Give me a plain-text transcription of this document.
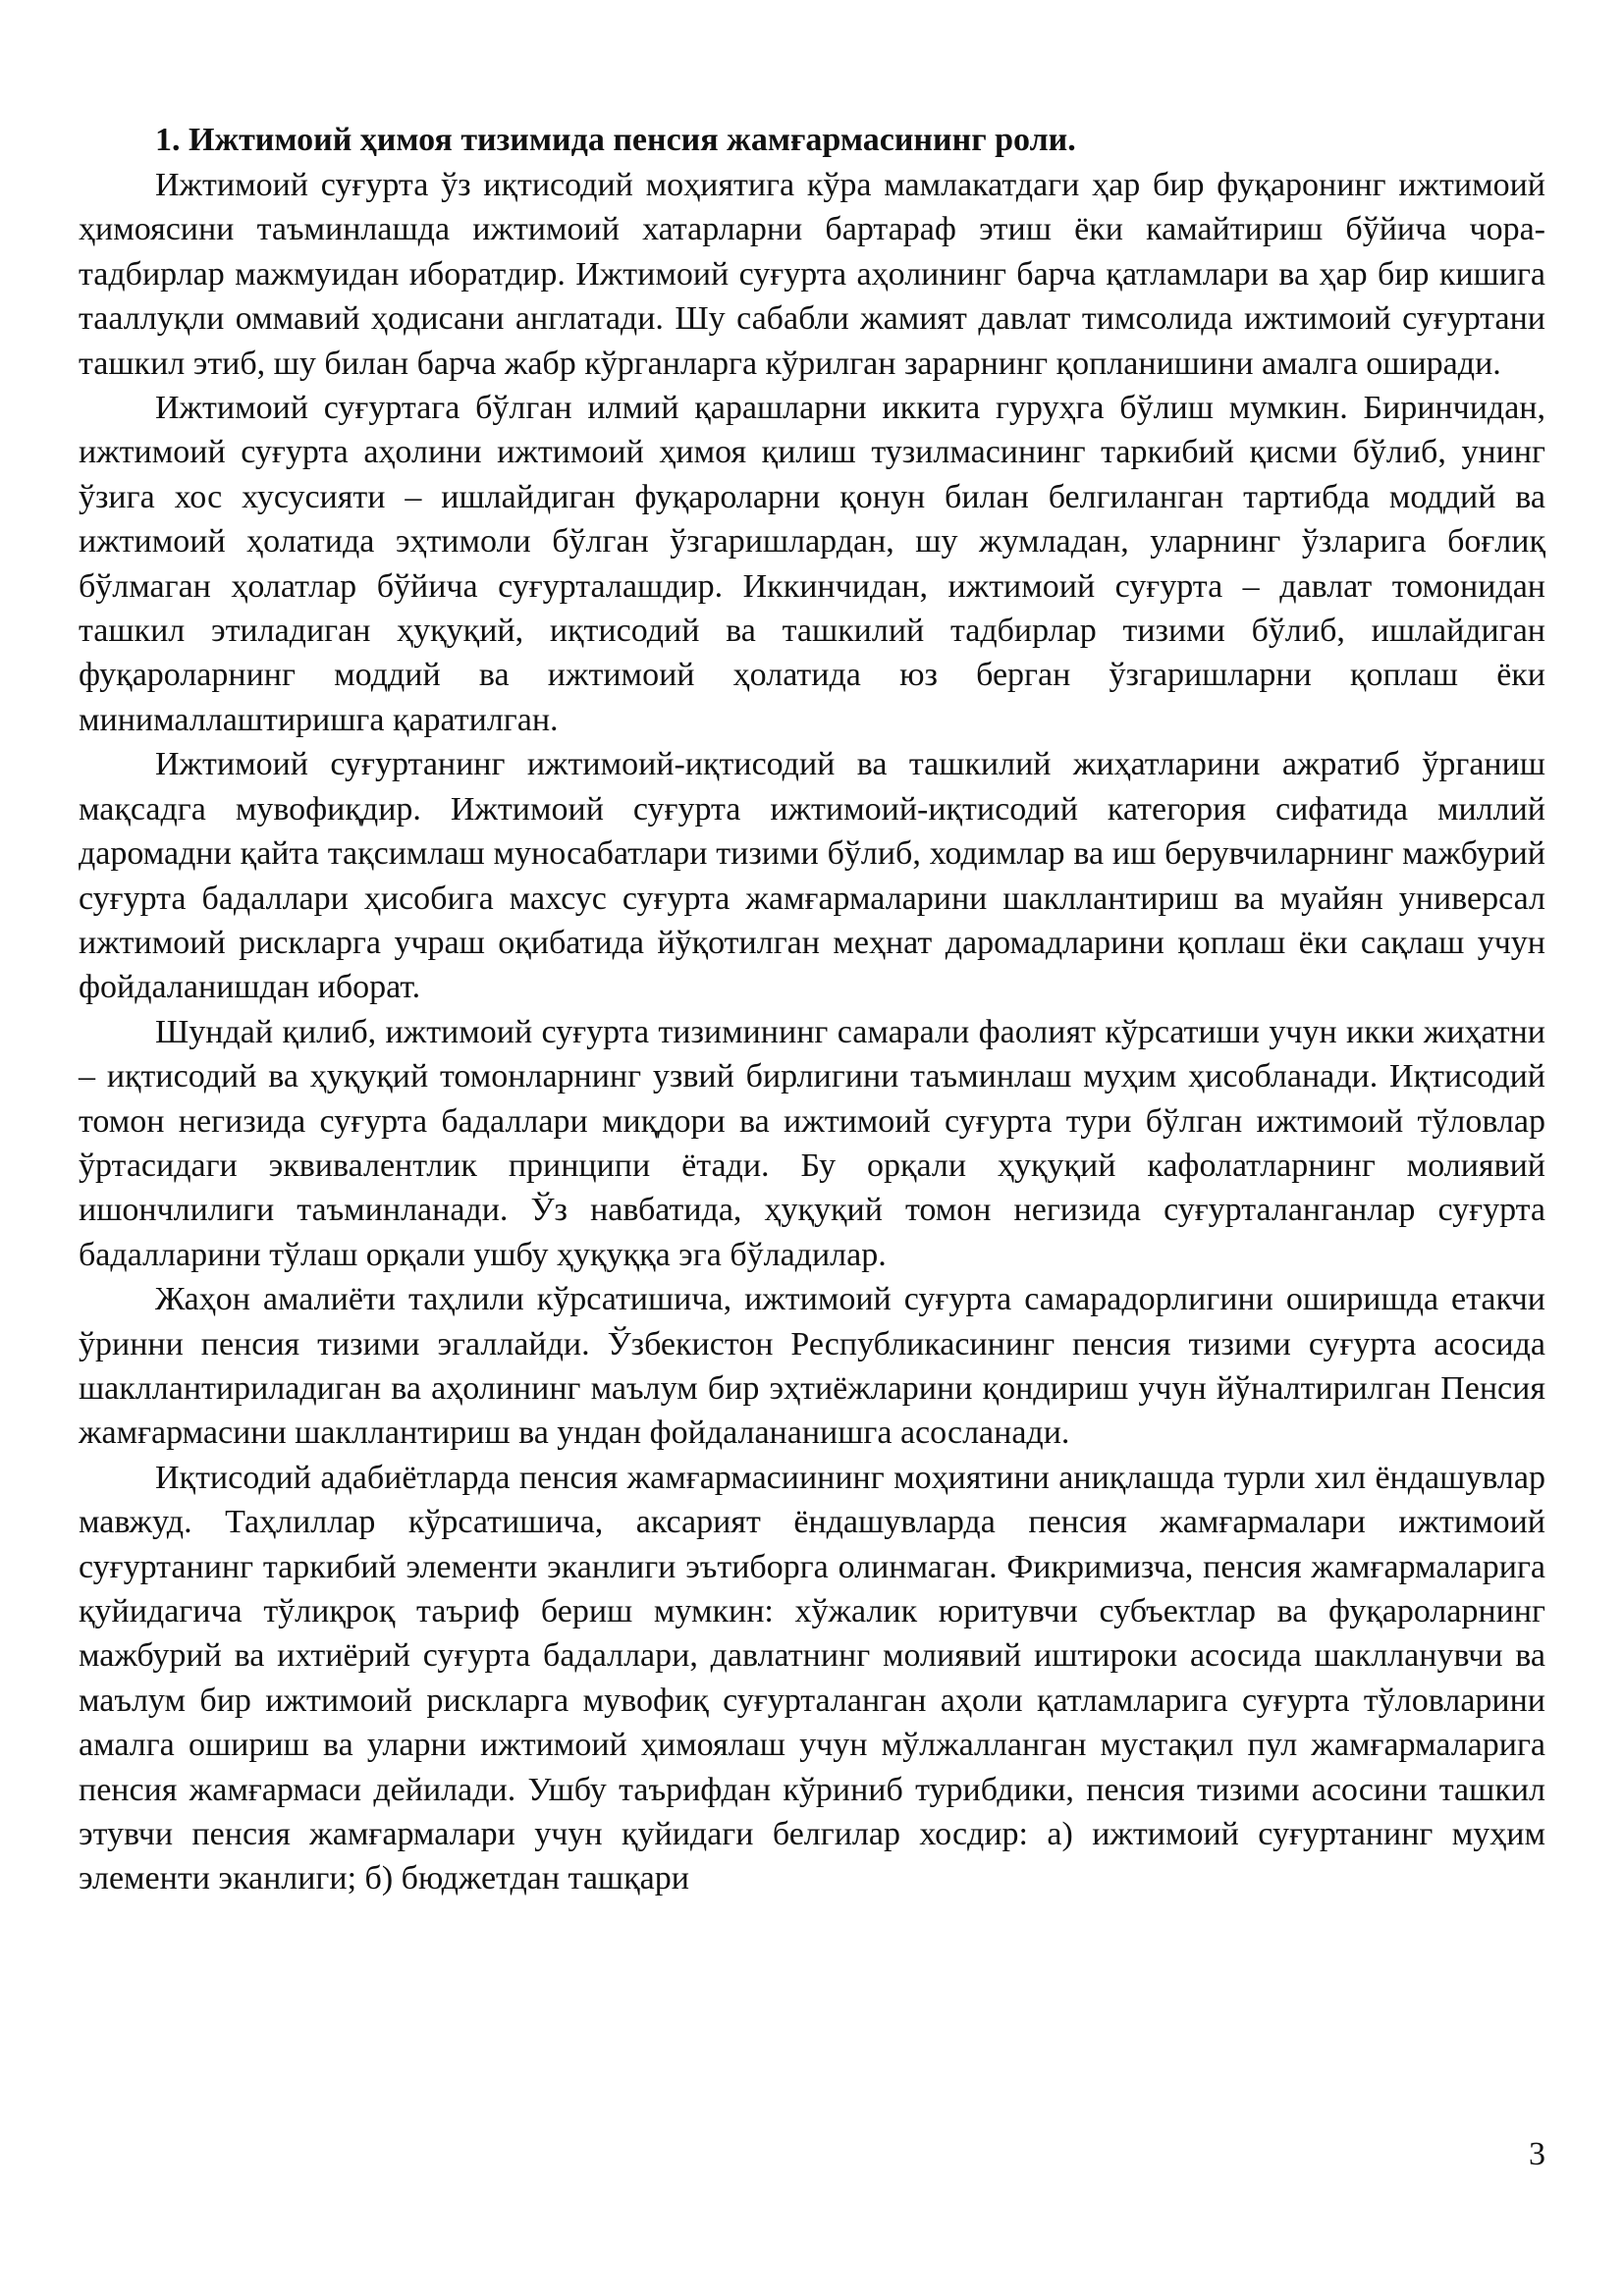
1. Ижтимоий ҳимоя тизимида пенсия жамғармасининг роли.

Ижтимоий суғурта ўз иқтисодий моҳиятига кўра мамлакатдаги ҳар бир фуқаронинг ижтимоий ҳимоясини таъминлашда ижтимоий хатарларни бартараф этиш ёки камайтириш бўйича чора-тадбирлар мажмуидан иборатдир. Ижтимоий суғурта аҳолининг барча қатламлари ва ҳар бир кишига тааллуқли оммавий ҳодисани англатади. Шу сабабли жамият давлат тимсолида ижтимоий суғуртани ташкил этиб, шу билан барча жабр кўрганларга кўрилган зарарнинг қопланишини амалга оширади.

Ижтимоий суғуртага бўлган илмий қарашларни иккита гуруҳга бўлиш мумкин. Биринчидан, ижтимоий суғурта аҳолини ижтимоий ҳимоя қилиш тузилмасининг таркибий қисми бўлиб, унинг ўзига хос хусусияти – ишлайдиган фуқароларни қонун билан белгиланган тартибда моддий ва ижтимоий ҳолатида эҳтимоли бўлган ўзгаришлардан, шу жумладан, уларнинг ўзларига боғлиқ бўлмаган ҳолатлар бўйича суғурталашдир. Иккинчидан, ижтимоий суғурта – давлат томонидан ташкил этиладиган ҳуқуқий, иқтисодий ва ташкилий тадбирлар тизими бўлиб, ишлайдиган фуқароларнинг моддий ва ижтимоий ҳолатида юз берган ўзгаришларни қоплаш ёки минималлаштиришга қаратилган.

Ижтимоий суғуртанинг ижтимоий-иқтисодий ва ташкилий жиҳатларини ажратиб ўрганиш мақсадга мувофиқдир. Ижтимоий суғурта ижтимоий-иқтисодий категория сифатида миллий даромадни қайта тақсимлаш муносабатлари тизими бўлиб, ходимлар ва иш берувчиларнинг мажбурий суғурта бадаллари ҳисобига махсус суғурта жамғармаларини шакллантириш ва муайян универсал ижтимоий рискларга учраш оқибатида йўқотилган меҳнат даромадларини қоплаш ёки сақлаш учун фойдаланишдан иборат.

Шундай қилиб, ижтимоий суғурта тизимининг самарали фаолият кўрсатиши учун икки жиҳатни – иқтисодий ва ҳуқуқий томонларнинг узвий бирлигини таъминлаш муҳим ҳисобланади. Иқтисодий томон негизида суғурта бадаллари миқдори ва ижтимоий суғурта тури бўлган ижтимоий тўловлар ўртасидаги эквивалентлик принципи ётади. Бу орқали ҳуқуқий кафолатларнинг молиявий ишончлилиги таъминланади. Ўз навбатида, ҳуқуқий томон негизида суғурталанганлар суғурта бадалларини тўлаш орқали ушбу ҳуқуққа эга бўладилар.

Жаҳон амалиёти таҳлили кўрсатишича, ижтимоий суғурта самарадорлигини оширишда етакчи ўринни пенсия тизими эгаллайди. Ўзбекистон Республикасининг пенсия тизими суғурта асосида шакллантириладиган ва аҳолининг маълум бир эҳтиёжларини қондириш учун йўналтирилган Пенсия жамғармасини шакллантириш ва ундан фойдалананишга асосланади.

Иқтисодий адабиётларда пенсия жамғармасиининг моҳиятини аниқлашда турли хил ёндашувлар мавжуд. Таҳлиллар кўрсатишича, аксарият ёндашувларда пенсия жамғармалари ижтимоий суғуртанинг таркибий элементи эканлиги эътиборга олинмаган. Фикримизча, пенсия жамғармаларига қуйидагича тўлиқроқ таъриф бериш мумкин: хўжалик юритувчи субъектлар ва фуқароларнинг мажбурий ва ихтиёрий суғурта бадаллари, давлатнинг молиявий иштироки асосида шаклланувчи ва маълум бир ижтимоий рискларга мувофиқ суғурталанган аҳоли қатламларига суғурта тўловларини амалга ошириш ва уларни ижтимоий ҳимоялаш учун мўлжалланган мустақил пул жамғармаларига пенсия жамғармаси дейилади. Ушбу таърифдан кўриниб турибдики, пенсия тизими асосини ташкил этувчи пенсия жамғармалари учун қуйидаги белгилар хосдир: а) ижтимоий суғуртанинг муҳим элементи эканлиги; б) бюджетдан ташқари

3
